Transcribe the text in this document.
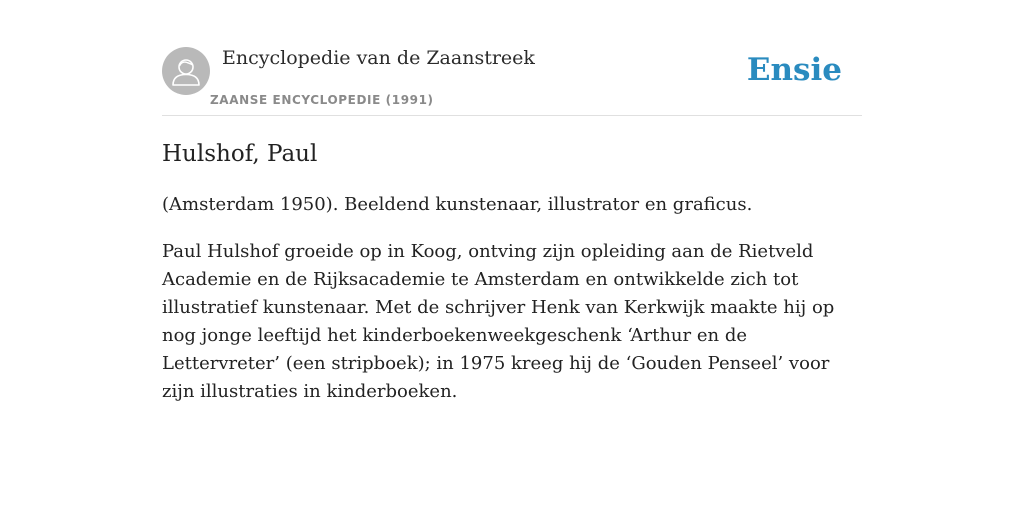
Encyclopedie van de Zaanstreek
ZAANSE ENCYCLOPEDIE (1991)
Ensie
Hulshof, Paul

(Amsterdam 1950). Beeldend kunstenaar, illustrator en graficus.

Paul Hulshof groeide op in Koog, ontving zijn opleiding aan de Rietveld Academie en de Rijksacademie te Amsterdam en ontwikkelde zich tot illustratief kunstenaar. Met de schrijver Henk van Kerkwijk maakte hij op nog jonge leeftijd het kinderboekenweekgeschenk ‘Arthur en de Lettervreter’ (een stripboek); in 1975 kreeg hij de ‘Gouden Penseel’ voor zijn illustraties in kinderboeken.
